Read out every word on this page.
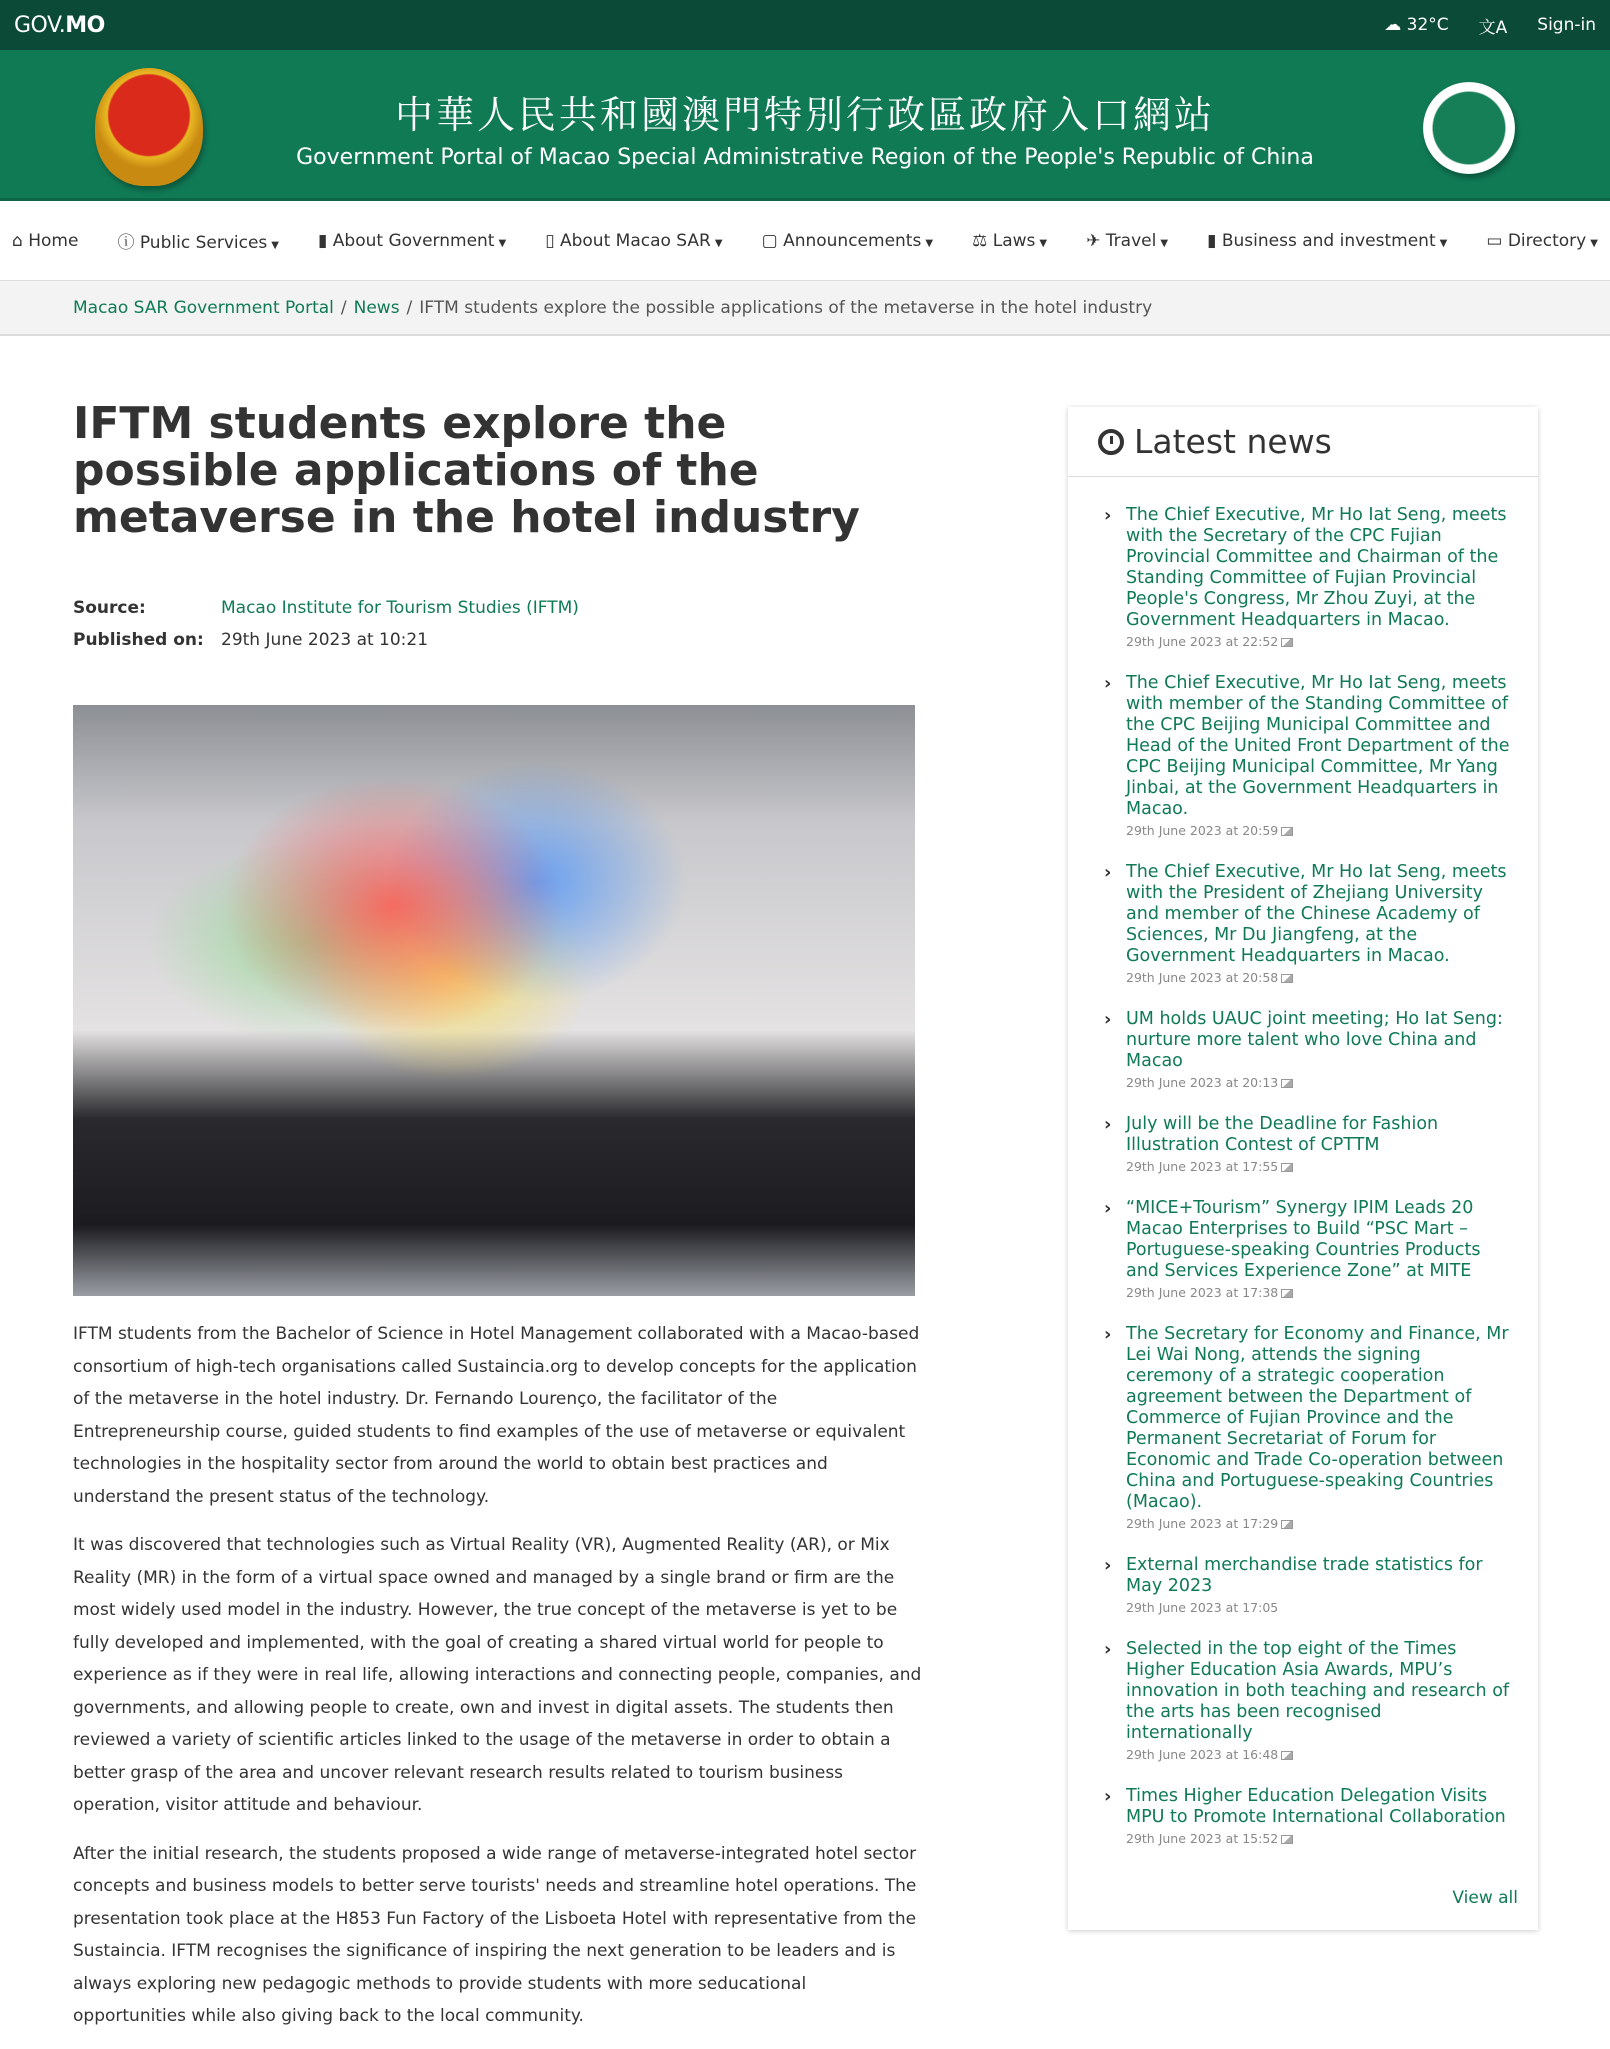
GOV.MO	☁ 32°C 文A Sign-in
中華人民共和國澳門特別行政區政府入口網站
Government Portal of Macao Special Administrative Region of the People's Republic of China
⌂ Home ⓘ Public Services ▼ ▮ About Government ▼ ▯ About Macao SAR ▼ ▢ Announcements ▼ ⚖ Laws ▼ ✈ Travel ▼ ▮ Business and investment ▼ ▭ Directory ▼
Macao SAR Government Portal / News / IFTM students explore the possible applications of the metaverse in the hotel industry
IFTM students explore the possible applications of the metaverse in the hotel industry
Source:	Macao Institute for Tourism Studies (IFTM)
Published on: 29th June 2023 at 10:21

IFTM students from the Bachelor of Science in Hotel Management collaborated with a Macao-based consortium of high-tech organisations called Sustaincia.org to develop concepts for the application of the metaverse in the hotel industry. Dr. Fernando Lourenço, the facilitator of the Entrepreneurship course, guided students to find examples of the use of metaverse or equivalent technologies in the hospitality sector from around the world to obtain best practices and understand the present status of the technology.

It was discovered that technologies such as Virtual Reality (VR), Augmented Reality (AR), or Mix Reality (MR) in the form of a virtual space owned and managed by a single brand or firm are the most widely used model in the industry. However, the true concept of the metaverse is yet to be fully developed and implemented, with the goal of creating a shared virtual world for people to experience as if they were in real life, allowing interactions and connecting people, companies, and governments, and allowing people to create, own and invest in digital assets. The students then reviewed a variety of scientific articles linked to the usage of the metaverse in order to obtain a better grasp of the area and uncover relevant research results related to tourism business operation, visitor attitude and behaviour.

After the initial research, the students proposed a wide range of metaverse-integrated hotel sector concepts and business models to better serve tourists' needs and streamline hotel operations. The presentation took place at the H853 Fun Factory of the Lisboeta Hotel with representative from the Sustaincia. IFTM recognises the significance of inspiring the next generation to be leaders and is always exploring new pedagogic methods to provide students with more seducational opportunities while also giving back to the local community.

Latest news
› The Chief Executive, Mr Ho Iat Seng, meets with the Secretary of the CPC Fujian Provincial Committee and Chairman of the Standing Committee of Fujian Provincial People's Congress, Mr Zhou Zuyi, at the Government Headquarters in Macao.
29th June 2023 at 22:52
› The Chief Executive, Mr Ho Iat Seng, meets with member of the Standing Committee of the CPC Beijing Municipal Committee and Head of the United Front Department of the CPC Beijing Municipal Committee, Mr Yang Jinbai, at the Government Headquarters in Macao.
29th June 2023 at 20:59
› The Chief Executive, Mr Ho Iat Seng, meets with the President of Zhejiang University and member of the Chinese Academy of Sciences, Mr Du Jiangfeng, at the Government Headquarters in Macao.
29th June 2023 at 20:58
› UM holds UAUC joint meeting; Ho Iat Seng: nurture more talent who love China and Macao
29th June 2023 at 20:13
› July will be the Deadline for Fashion Illustration Contest of CPTTM
29th June 2023 at 17:55
› “MICE+Tourism” Synergy IPIM Leads 20 Macao Enterprises to Build “PSC Mart – Portuguese-speaking Countries Products and Services Experience Zone” at MITE
29th June 2023 at 17:38
› The Secretary for Economy and Finance, Mr Lei Wai Nong, attends the signing ceremony of a strategic cooperation agreement between the Department of Commerce of Fujian Province and the Permanent Secretariat of Forum for Economic and Trade Co-operation between China and Portuguese-speaking Countries (Macao).
29th June 2023 at 17:29
› External merchandise trade statistics for May 2023
29th June 2023 at 17:05
› Selected in the top eight of the Times Higher Education Asia Awards, MPU’s innovation in both teaching and research of the arts has been recognised internationally
29th June 2023 at 16:48
› Times Higher Education Delegation Visits MPU to Promote International Collaboration
29th June 2023 at 15:52
View all
